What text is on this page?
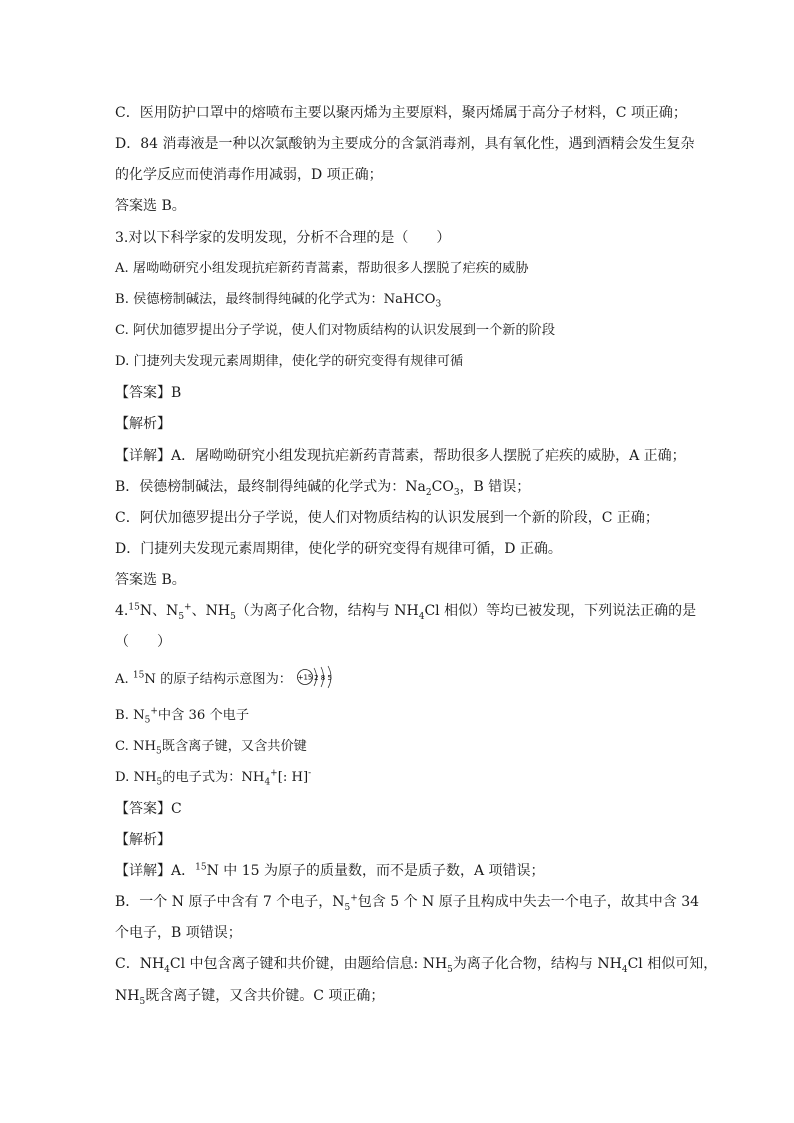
C．医用防护口罩中的熔喷布主要以聚丙烯为主要原料，聚丙烯属于高分子材料，C 项正确；
D．84 消毒液是一种以次氯酸钠为主要成分的含氯消毒剂，具有氧化性，遇到酒精会发生复杂
的化学反应而使消毒作用减弱，D 项正确；
答案选 B。
3.对以下科学家的发明发现，分析不合理的是（　　）
A. 屠呦呦研究小组发现抗疟新药青蒿素，帮助很多人摆脱了疟疾的威胁
B. 侯德榜制碱法，最终制得纯碱的化学式为：NaHCO$_3$
C. 阿伏加德罗提出分子学说，使人们对物质结构的认识发展到一个新的阶段
D. 门捷列夫发现元素周期律，使化学的研究变得有规律可循
【答案】B
【解析】
【详解】A．屠呦呦研究小组发现抗疟新药青蒿素，帮助很多人摆脱了疟疾的威胁，A 正确；
B．侯德榜制碱法，最终制得纯碱的化学式为：$Na_2CO_3$，B 错误；
C．阿伏加德罗提出分子学说，使人们对物质结构的认识发展到一个新的阶段，C 正确；
D．门捷列夫发现元素周期律，使化学的研究变得有规律可循，D 正确。
答案选 B。
4.15N、$N_5^+$、$NH_5$（为离子化合物，结构与 $NH_4Cl$ 相似）等均已被发现，下列说法正确的是
（　　）
A. $^{15}$N 的原子结构示意图为： +15 2 8 5
B. $N_5^+$中含 36 个电子
C. $NH_5$既含离子键，又含共价键
D. $NH_5$的电子式为：$NH_4^+$[: H]-
【答案】C
【解析】
【详解】A．$^{15}$N 中 15 为原子的质量数，而不是质子数，A 项错误；
B．一个 N 原子中含有 7 个电子，$N_5^+$包含 5 个 N 原子且构成中失去一个电子，故其中含 34
个电子，B 项错误；
C．$NH_4Cl$ 中包含离子键和共价键，由题给信息: $NH_5$为离子化合物，结构与 $NH_4Cl$ 相似可知，
$NH_5$既含离子键，又含共价键。C 项正确；
